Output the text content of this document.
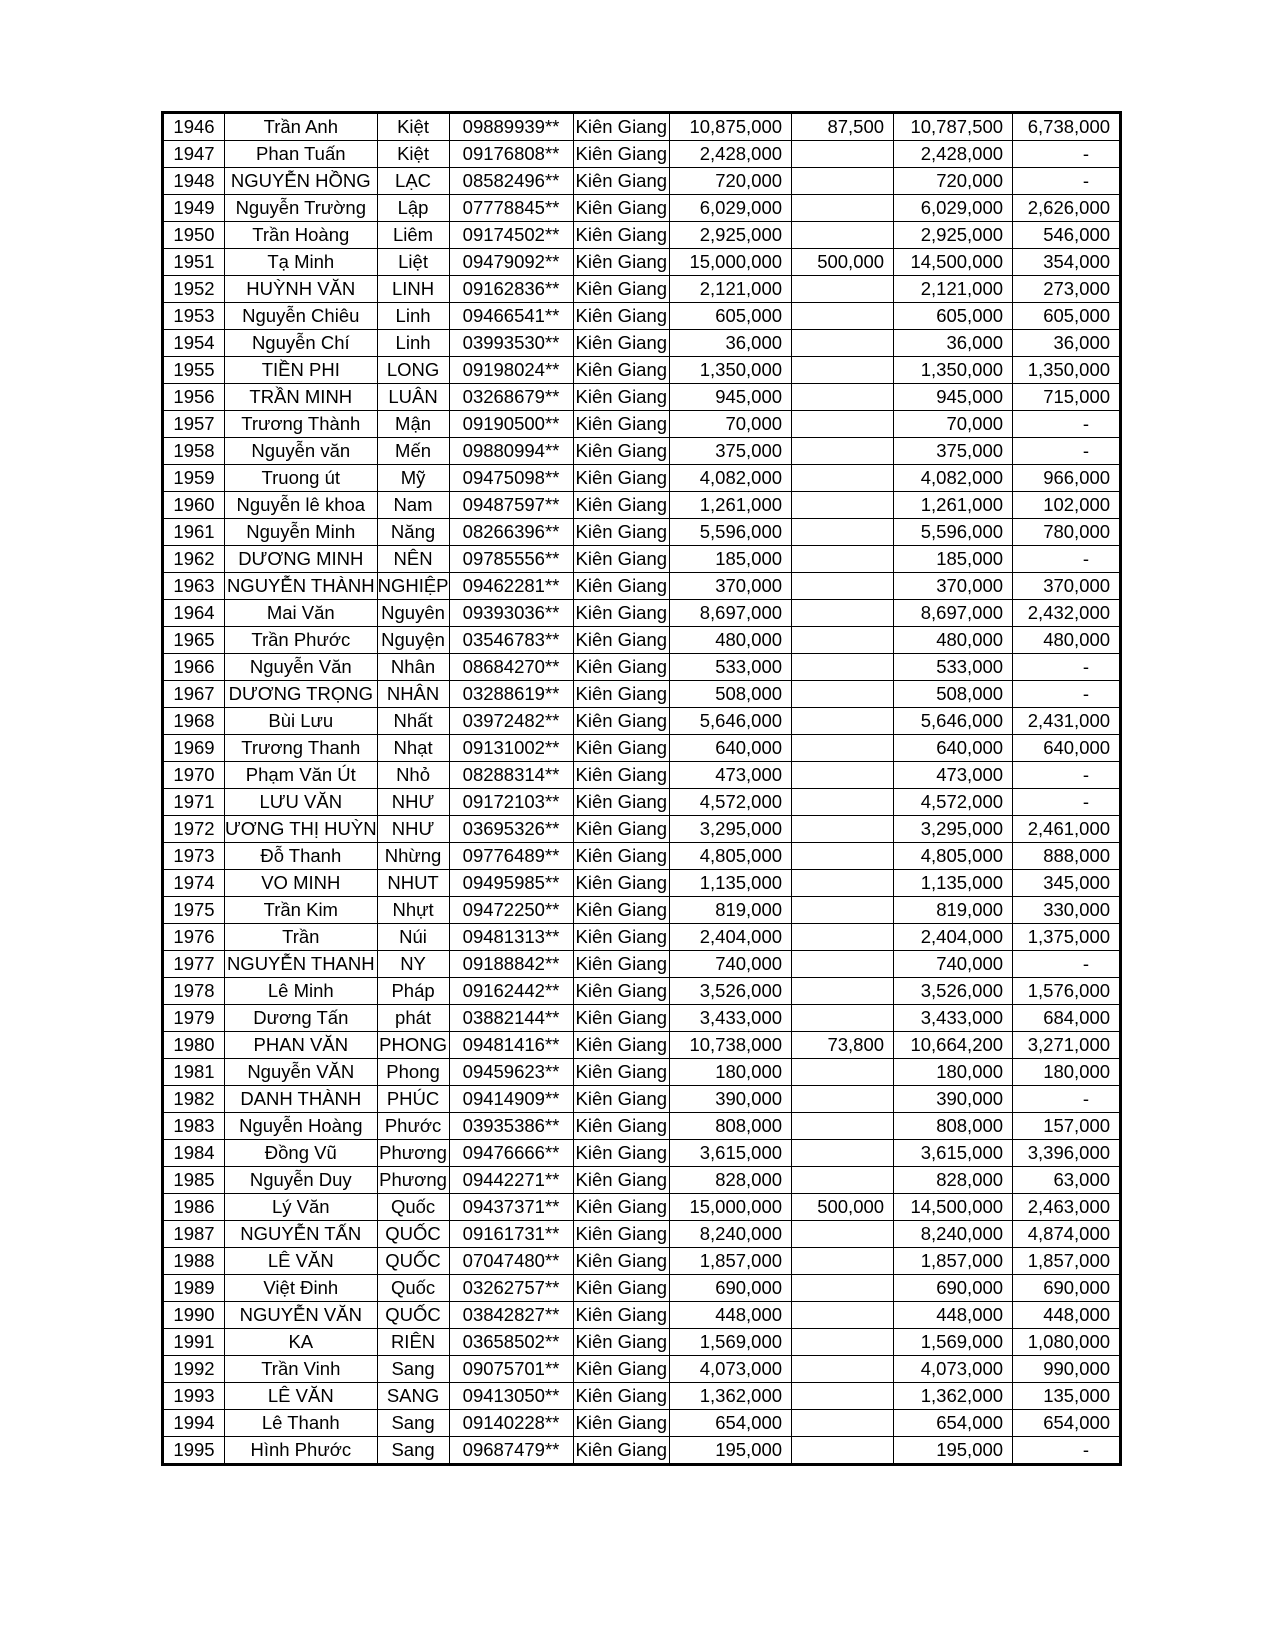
1946	Trần Anh	Kiệt	09889939**	Kiên Giang	10,875,000	87,500	10,787,500	6,738,000
1947	Phan Tuấn	Kiệt	09176808**	Kiên Giang	2,428,000		2,428,000	-
1948	NGUYỄN HỒNG	LẠC	08582496**	Kiên Giang	720,000		720,000	-
1949	Nguyễn Trường	Lập	07778845**	Kiên Giang	6,029,000		6,029,000	2,626,000
1950	Trần Hoàng	Liêm	09174502**	Kiên Giang	2,925,000		2,925,000	546,000
1951	Tạ Minh	Liệt	09479092**	Kiên Giang	15,000,000	500,000	14,500,000	354,000
1952	HUỲNH VĂN	LINH	09162836**	Kiên Giang	2,121,000		2,121,000	273,000
1953	Nguyễn Chiêu	Linh	09466541**	Kiên Giang	605,000		605,000	605,000
1954	Nguyễn Chí	Linh	03993530**	Kiên Giang	36,000		36,000	36,000
1955	TIỀN PHI	LONG	09198024**	Kiên Giang	1,350,000		1,350,000	1,350,000
1956	TRẦN MINH	LUÂN	03268679**	Kiên Giang	945,000		945,000	715,000
1957	Trương Thành	Mận	09190500**	Kiên Giang	70,000		70,000	-
1958	Nguyễn văn	Mến	09880994**	Kiên Giang	375,000		375,000	-
1959	Truong út	Mỹ	09475098**	Kiên Giang	4,082,000		4,082,000	966,000
1960	Nguyễn lê khoa	Nam	09487597**	Kiên Giang	1,261,000		1,261,000	102,000
1961	Nguyễn Minh	Năng	08266396**	Kiên Giang	5,596,000		5,596,000	780,000
1962	DƯƠNG MINH	NÊN	09785556**	Kiên Giang	185,000		185,000	-
1963	NGUYỄN THÀNH	NGHIỆP	09462281**	Kiên Giang	370,000		370,000	370,000
1964	Mai Văn	Nguyên	09393036**	Kiên Giang	8,697,000		8,697,000	2,432,000
1965	Trần Phước	Nguyện	03546783**	Kiên Giang	480,000		480,000	480,000
1966	Nguyễn Văn	Nhân	08684270**	Kiên Giang	533,000		533,000	-
1967	DƯƠNG TRỌNG	NHÂN	03288619**	Kiên Giang	508,000		508,000	-
1968	Bùi Lưu	Nhất	03972482**	Kiên Giang	5,646,000		5,646,000	2,431,000
1969	Trương Thanh	Nhạt	09131002**	Kiên Giang	640,000		640,000	640,000
1970	Phạm Văn Út	Nhỏ	08288314**	Kiên Giang	473,000		473,000	-
1971	LƯU VĂN	NHƯ	09172103**	Kiên Giang	4,572,000		4,572,000	-
1972	ƯƠNG THỊ HUỲN	NHƯ	03695326**	Kiên Giang	3,295,000		3,295,000	2,461,000
1973	Đỗ Thanh	Nhừng	09776489**	Kiên Giang	4,805,000		4,805,000	888,000
1974	VO MINH	NHUT	09495985**	Kiên Giang	1,135,000		1,135,000	345,000
1975	Trần Kim	Nhựt	09472250**	Kiên Giang	819,000		819,000	330,000
1976	Trần	Núi	09481313**	Kiên Giang	2,404,000		2,404,000	1,375,000
1977	NGUYỄN THANH	NY	09188842**	Kiên Giang	740,000		740,000	-
1978	Lê Minh	Pháp	09162442**	Kiên Giang	3,526,000		3,526,000	1,576,000
1979	Dương Tấn	phát	03882144**	Kiên Giang	3,433,000		3,433,000	684,000
1980	PHAN VĂN	PHONG	09481416**	Kiên Giang	10,738,000	73,800	10,664,200	3,271,000
1981	Nguyễn VĂN	Phong	09459623**	Kiên Giang	180,000		180,000	180,000
1982	DANH THÀNH	PHÚC	09414909**	Kiên Giang	390,000		390,000	-
1983	Nguyễn Hoàng	Phước	03935386**	Kiên Giang	808,000		808,000	157,000
1984	Đồng Vũ	Phương	09476666**	Kiên Giang	3,615,000		3,615,000	3,396,000
1985	Nguyễn Duy	Phương	09442271**	Kiên Giang	828,000		828,000	63,000
1986	Lý Văn	Quốc	09437371**	Kiên Giang	15,000,000	500,000	14,500,000	2,463,000
1987	NGUYỄN TẤN	QUỐC	09161731**	Kiên Giang	8,240,000		8,240,000	4,874,000
1988	LÊ VĂN	QUỐC	07047480**	Kiên Giang	1,857,000		1,857,000	1,857,000
1989	Việt Đinh	Quốc	03262757**	Kiên Giang	690,000		690,000	690,000
1990	NGUYỄN VĂN	QUỐC	03842827**	Kiên Giang	448,000		448,000	448,000
1991	KA	RIÊN	03658502**	Kiên Giang	1,569,000		1,569,000	1,080,000
1992	Trần Vinh	Sang	09075701**	Kiên Giang	4,073,000		4,073,000	990,000
1993	LÊ VĂN	SANG	09413050**	Kiên Giang	1,362,000		1,362,000	135,000
1994	Lê Thanh	Sang	09140228**	Kiên Giang	654,000		654,000	654,000
1995	Hình Phước	Sang	09687479**	Kiên Giang	195,000		195,000	-
